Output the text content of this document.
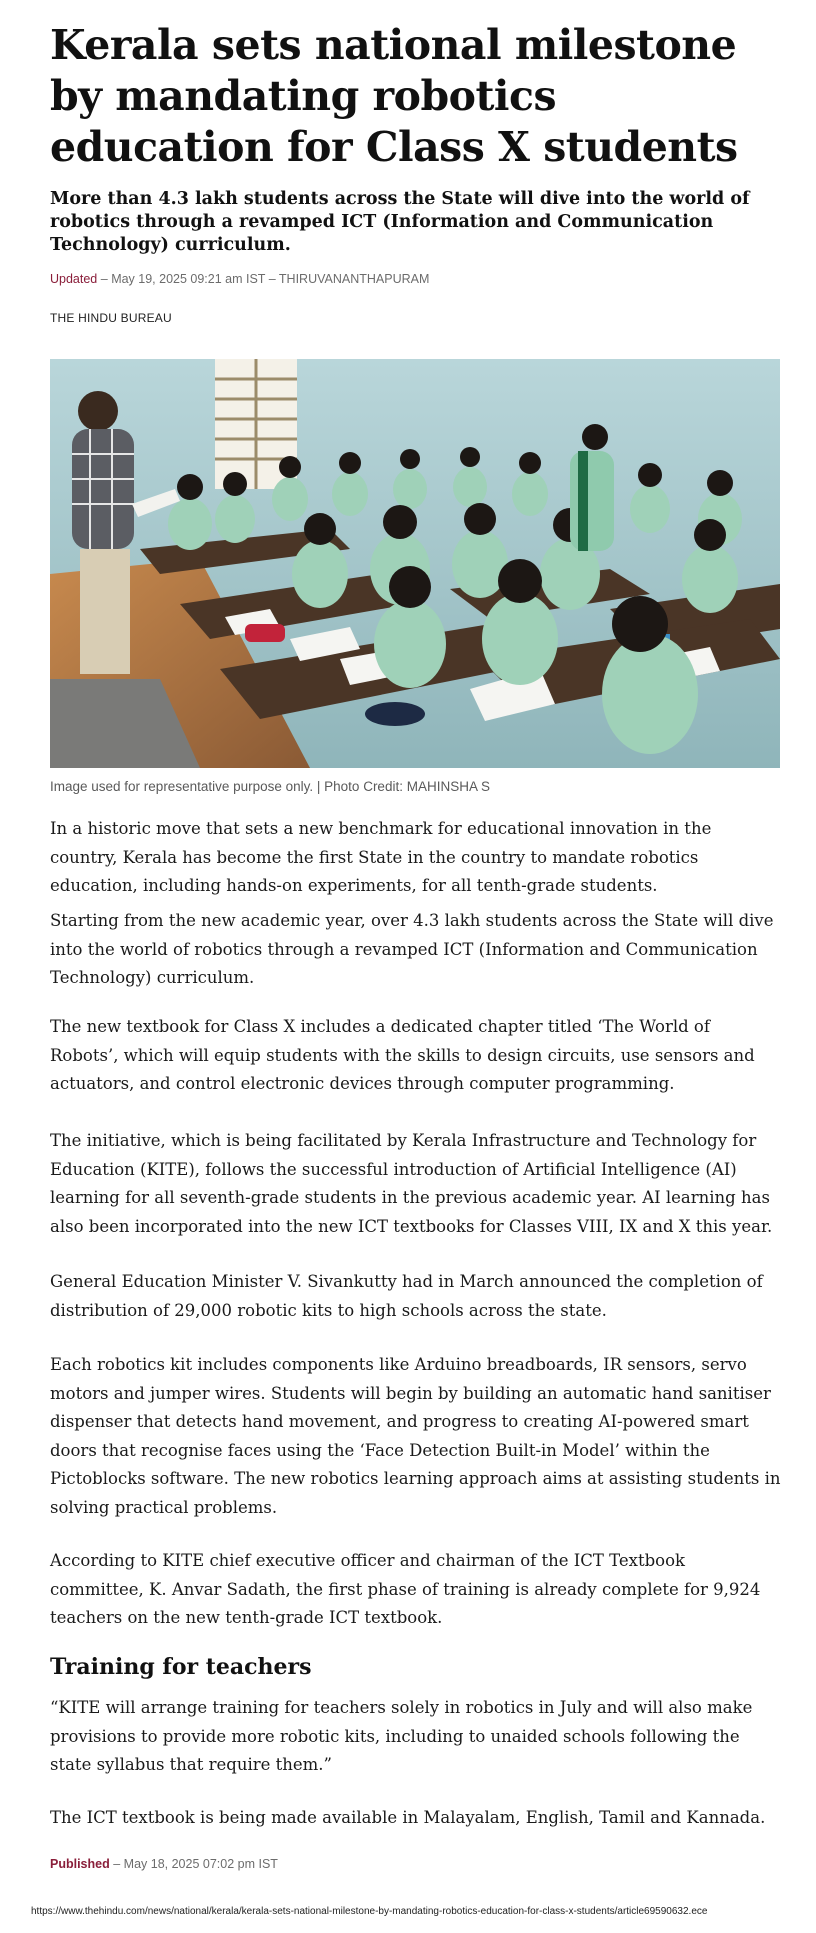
Kerala sets national milestone by mandating robotics education for Class X students

More than 4.3 lakh students across the State will dive into the world of robotics through a revamped ICT (Information and Communication Technology) curriculum.

Updated – May 19, 2025 09:21 am IST – THIRUVANANTHAPURAM

THE HINDU BUREAU

Image used for representative purpose only. | Photo Credit: MAHINSHA S

In a historic move that sets a new benchmark for educational innovation in the country, Kerala has become the first State in the country to mandate robotics education, including hands-on experiments, for all tenth-grade students.

Starting from the new academic year, over 4.3 lakh students across the State will dive into the world of robotics through a revamped ICT (Information and Communication Technology) curriculum.

The new textbook for Class X includes a dedicated chapter titled ‘The World of Robots’, which will equip students with the skills to design circuits, use sensors and actuators, and control electronic devices through computer programming.

The initiative, which is being facilitated by Kerala Infrastructure and Technology for Education (KITE), follows the successful introduction of Artificial Intelligence (AI) learning for all seventh-grade students in the previous academic year. AI learning has also been incorporated into the new ICT textbooks for Classes VIII, IX and X this year.

General Education Minister V. Sivankutty had in March announced the completion of distribution of 29,000 robotic kits to high schools across the state.

Each robotics kit includes components like Arduino breadboards, IR sensors, servo motors and jumper wires. Students will begin by building an automatic hand sanitiser dispenser that detects hand movement, and progress to creating AI-powered smart doors that recognise faces using the ‘Face Detection Built-in Model’ within the Pictoblocks software. The new robotics learning approach aims at assisting students in solving practical problems.

According to KITE chief executive officer and chairman of the ICT Textbook committee, K. Anvar Sadath, the first phase of training is already complete for 9,924 teachers on the new tenth-grade ICT textbook.

Training for teachers

“KITE will arrange training for teachers solely in robotics in July and will also make provisions to provide more robotic kits, including to unaided schools following the state syllabus that require them.”

The ICT textbook is being made available in Malayalam, English, Tamil and Kannada.

Published – May 18, 2025 07:02 pm IST

https://www.thehindu.com/news/national/kerala/kerala-sets-national-milestone-by-mandating-robotics-education-for-class-x-students/article69590632.ece
